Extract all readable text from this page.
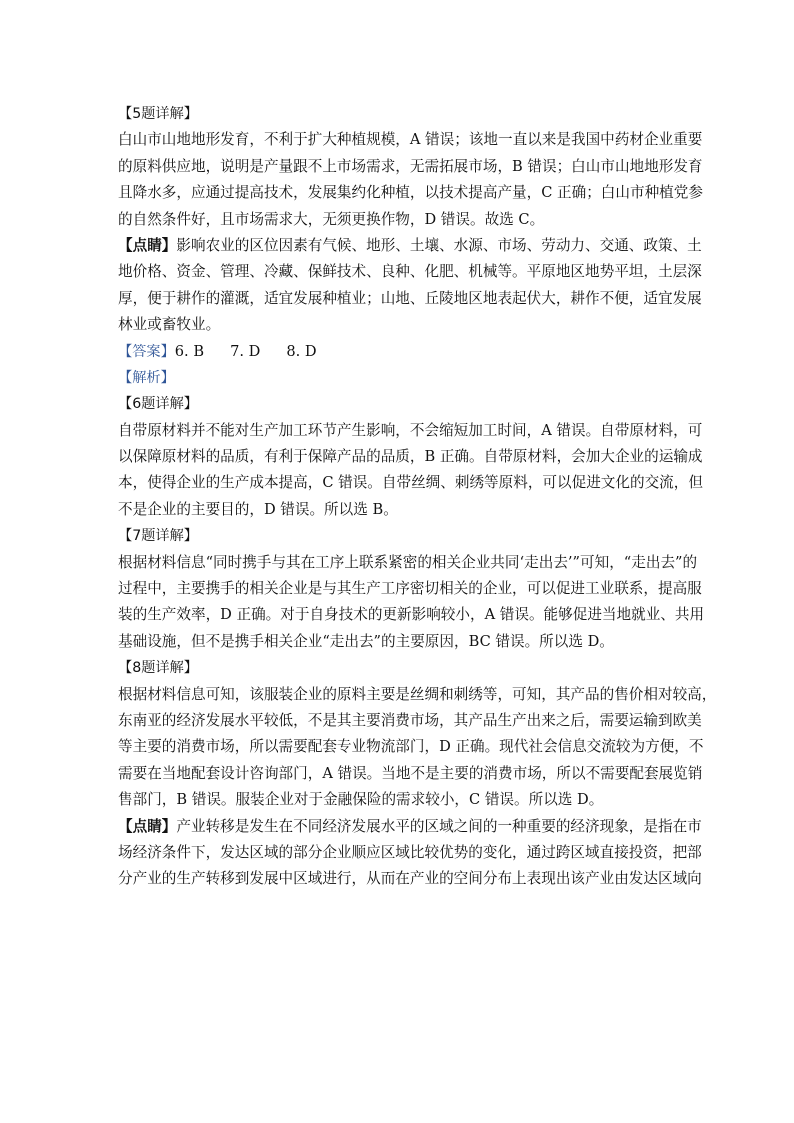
【5题详解】
白山市山地地形发育，不利于扩大种植规模，A 错误；该地一直以来是我国中药材企业重要
的原料供应地，说明是产量跟不上市场需求，无需拓展市场，B 错误；白山市山地地形发育
且降水多，应通过提高技术，发展集约化种植，以技术提高产量，C 正确；白山市种植党参
的自然条件好，且市场需求大，无须更换作物，D 错误。故选 C。
【点睛】影响农业的区位因素有气候、地形、土壤、水源、市场、劳动力、交通、政策、土
地价格、资金、管理、冷藏、保鲜技术、良种、化肥、机械等。平原地区地势平坦，土层深
厚，便于耕作的灌溉，适宜发展种植业；山地、丘陵地区地表起伏大，耕作不便，适宜发展
林业或畜牧业。
【答案】6. B 7. D 8. D
【解析】
【6题详解】
自带原材料并不能对生产加工环节产生影响，不会缩短加工时间，A 错误。自带原材料，可
以保障原材料的品质，有利于保障产品的品质，B 正确。自带原材料，会加大企业的运输成
本，使得企业的生产成本提高，C 错误。自带丝绸、刺绣等原料，可以促进文化的交流，但
不是企业的主要目的，D 错误。所以选 B。
【7题详解】
根据材料信息“同时携手与其在工序上联系紧密的相关企业共同‘走出去’”可知，“走出去”的
过程中，主要携手的相关企业是与其生产工序密切相关的企业，可以促进工业联系，提高服
装的生产效率，D 正确。对于自身技术的更新影响较小，A 错误。能够促进当地就业、共用
基础设施，但不是携手相关企业“走出去”的主要原因，BC 错误。所以选 D。
【8题详解】
根据材料信息可知，该服装企业的原料主要是丝绸和刺绣等，可知，其产品的售价相对较高，
东南亚的经济发展水平较低，不是其主要消费市场，其产品生产出来之后，需要运输到欧美
等主要的消费市场，所以需要配套专业物流部门，D 正确。现代社会信息交流较为方便，不
需要在当地配套设计咨询部门，A 错误。当地不是主要的消费市场，所以不需要配套展览销
售部门，B 错误。服装企业对于金融保险的需求较小，C 错误。所以选 D。
【点睛】产业转移是发生在不同经济发展水平的区域之间的一种重要的经济现象，是指在市
场经济条件下，发达区域的部分企业顺应区域比较优势的变化，通过跨区域直接投资，把部
分产业的生产转移到发展中区域进行，从而在产业的空间分布上表现出该产业由发达区域向
